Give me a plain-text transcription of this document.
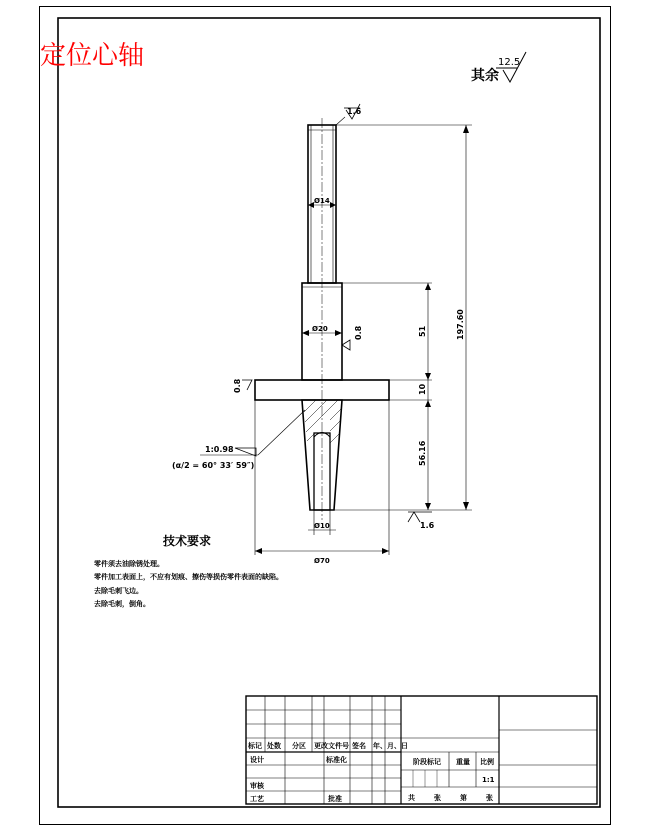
定位心轴
其余
12.5
1.6
Ø14
Ø20	0.8
0.8
1:0.98
(α/2 = 60° 33′ 59″)
1.6
Ø10
Ø70
197.60
51
10
56.16
技术要求
零件须去油除锈处理。
零件加工表面上，不应有划痕、擦伤等损伤零件表面的缺陷。
去除毛刺飞边。
去除毛刺，倒角。
标记 处数 分区 更改文件号 签名 年、月、日
设计	标准化
审核
工艺	批准
阶段标记 重量 比例
1:1
共	张	第	张
